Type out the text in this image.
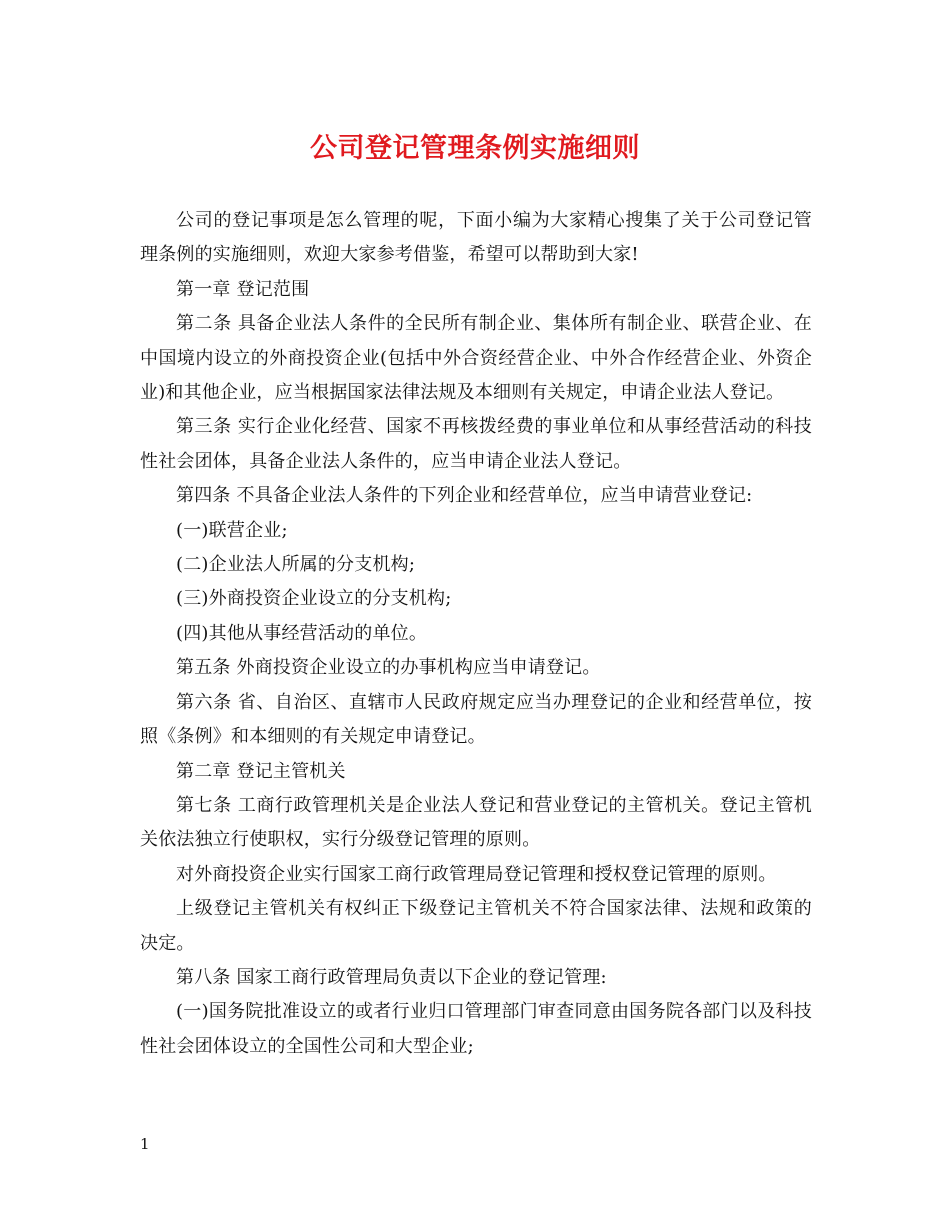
公司登记管理条例实施细则

公司的登记事项是怎么管理的呢，下面小编为大家精心搜集了关于公司登记管理条例的实施细则，欢迎大家参考借鉴，希望可以帮助到大家!

第一章 登记范围

第二条 具备企业法人条件的全民所有制企业、集体所有制企业、联营企业、在中国境内设立的外商投资企业(包括中外合资经营企业、中外合作经营企业、外资企业)和其他企业，应当根据国家法律法规及本细则有关规定，申请企业法人登记。

第三条 实行企业化经营、国家不再核拨经费的事业单位和从事经营活动的科技性社会团体，具备企业法人条件的，应当申请企业法人登记。

第四条 不具备企业法人条件的下列企业和经营单位，应当申请营业登记:

(一)联营企业;

(二)企业法人所属的分支机构;

(三)外商投资企业设立的分支机构;

(四)其他从事经营活动的单位。

第五条 外商投资企业设立的办事机构应当申请登记。

第六条 省、自治区、直辖市人民政府规定应当办理登记的企业和经营单位，按照《条例》和本细则的有关规定申请登记。

第二章 登记主管机关

第七条 工商行政管理机关是企业法人登记和营业登记的主管机关。登记主管机关依法独立行使职权，实行分级登记管理的原则。

对外商投资企业实行国家工商行政管理局登记管理和授权登记管理的原则。

上级登记主管机关有权纠正下级登记主管机关不符合国家法律、法规和政策的决定。

第八条 国家工商行政管理局负责以下企业的登记管理:

(一)国务院批准设立的或者行业归口管理部门审查同意由国务院各部门以及科技性社会团体设立的全国性公司和大型企业;

1
